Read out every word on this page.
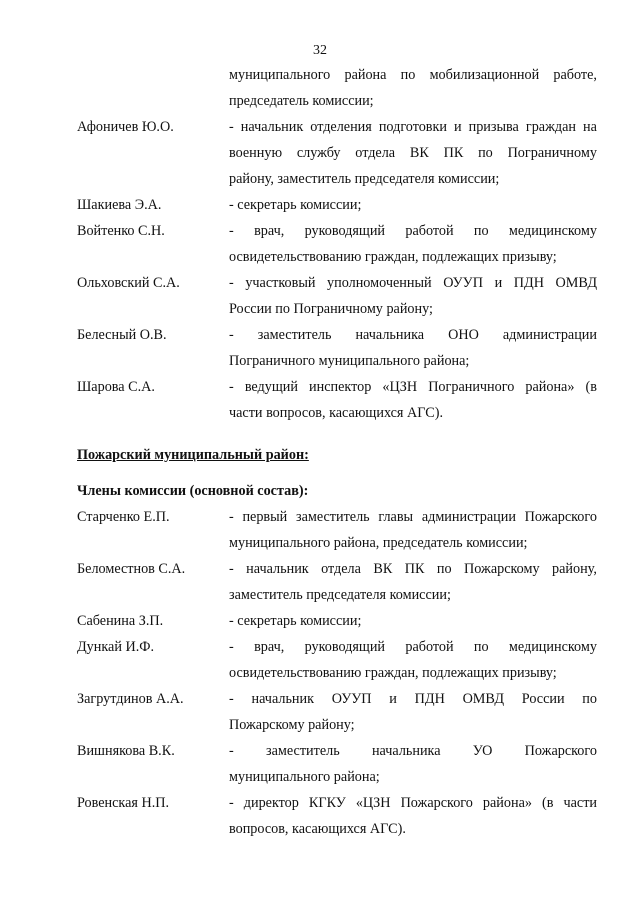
32
муниципального района по мобилизационной работе,
председатель комиссии;
Афоничев Ю.О.	- начальник отделения подготовки и призыва граждан на
военную службу отдела ВК ПК по Пограничному
району, заместитель председателя комиссии;
Шакиева Э.А.	- секретарь комиссии;
Войтенко С.Н.	- врач, руководящий работой по медицинскому
освидетельствованию граждан, подлежащих призыву;
Ольховский С.А.	- участковый уполномоченный ОУУП и ПДН ОМВД
России по Пограничному району;
Белесный О.В.	- заместитель начальника ОНО администрации
Пограничного муниципального района;
Шарова С.А.	- ведущий инспектор «ЦЗН Пограничного района» (в
части вопросов, касающихся АГС).
Пожарский муниципальный район:
Члены комиссии (основной состав):
Старченко Е.П.	- первый заместитель главы администрации Пожарского
муниципального района, председатель комиссии;
Беломестнов С.А.	- начальник отдела ВК ПК по Пожарскому району,
заместитель председателя комиссии;
Сабенина З.П.	- секретарь комиссии;
Дункай И.Ф.	- врач, руководящий работой по медицинскому
освидетельствованию граждан, подлежащих призыву;
Загрутдинов А.А.	- начальник ОУУП и ПДН ОМВД России по
Пожарскому району;
Вишнякова В.К.	- заместитель начальника УО Пожарского
муниципального района;
Ровенская Н.П.	- директор КГКУ «ЦЗН Пожарского района» (в части
вопросов, касающихся АГС).
